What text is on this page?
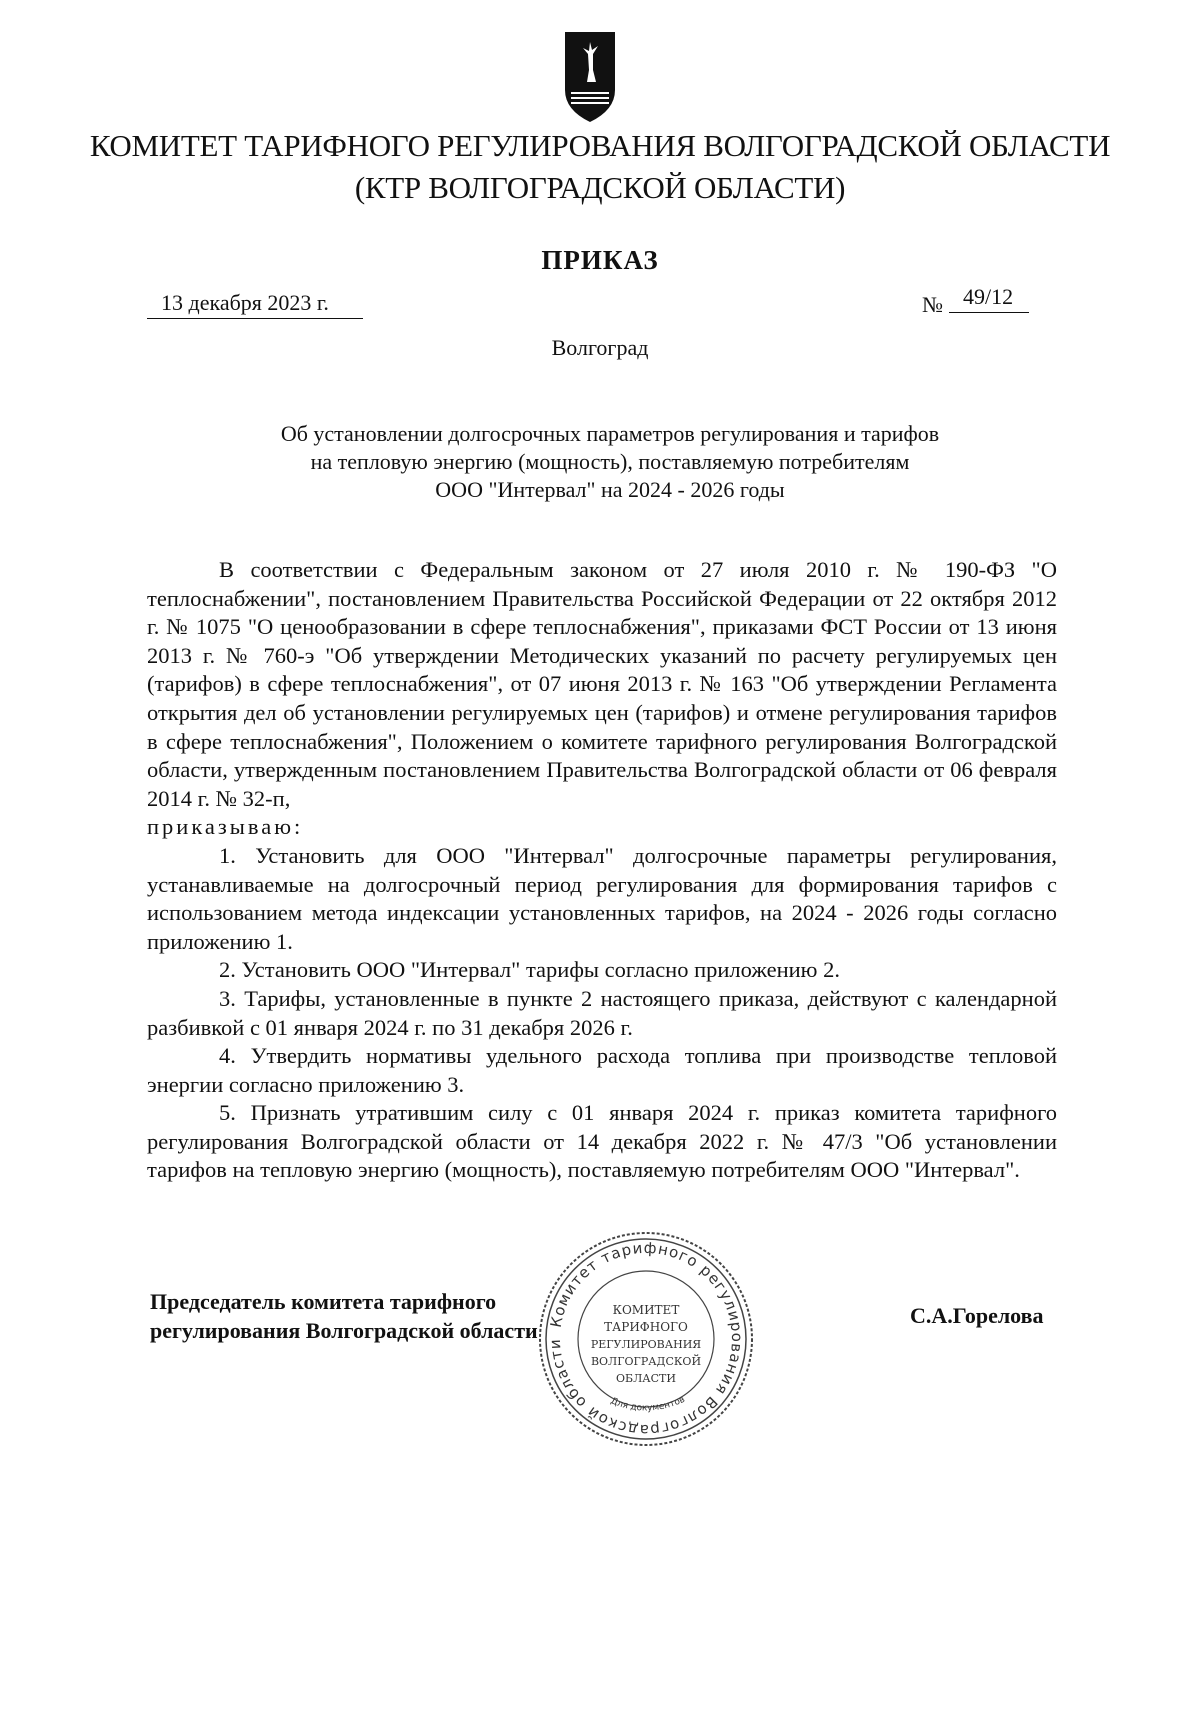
КОМИТЕТ ТАРИФНОГО РЕГУЛИРОВАНИЯ ВОЛГОГРАДСКОЙ ОБЛАСТИ
(КТР ВОЛГОГРАДСКОЙ ОБЛАСТИ)
ПРИКАЗ
13 декабря 2023 г.	№ 49/12
Волгоград
Об установлении долгосрочных параметров регулирования и тарифов
на тепловую энергию (мощность), поставляемую потребителям
ООО "Интервал" на 2024 - 2026 годы

В соответствии с Федеральным законом от 27 июля 2010 г. № 190-ФЗ "О теплоснабжении", постановлением Правительства Российской Федерации от 22 октября 2012 г. № 1075 "О ценообразовании в сфере теплоснабжения", приказами ФСТ России от 13 июня 2013 г. № 760-э "Об утверждении Методических указаний по расчету регулируемых цен (тарифов) в сфере теплоснабжения", от 07 июня 2013 г. № 163 "Об утверждении Регламента открытия дел об установлении регулируемых цен (тарифов) и отмене регулирования тарифов в сфере теплоснабжения", Положением о комитете тарифного регулирования Волгоградской области, утвержденным постановлением Правительства Волгоградской области от 06 февраля 2014 г. № 32-п,

приказываю:

1. Установить для ООО "Интервал" долгосрочные параметры регулирования, устанавливаемые на долгосрочный период регулирования для формирования тарифов с использованием метода индексации установленных тарифов, на 2024 - 2026 годы согласно приложению 1.

2. Установить ООО "Интервал" тарифы согласно приложению 2.

3. Тарифы, установленные в пункте 2 настоящего приказа, действуют с календарной разбивкой с 01 января 2024 г. по 31 декабря 2026 г.

4. Утвердить нормативы удельного расхода топлива при производстве тепловой энергии согласно приложению 3.

5. Признать утратившим силу с 01 января 2024 г. приказ комитета тарифного регулирования Волгоградской области от 14 декабря 2022 г. № 47/3 "Об установлении тарифов на тепловую энергию (мощность), поставляемую потребителям ООО "Интервал".

Председатель комитета тарифного
регулирования Волгоградской области
С.А.Горелова
Комитет тарифного регулирования Волгоградской области
Для документов
КОМИТЕТ
ТАРИФНОГО
РЕГУЛИРОВАНИЯ
ВОЛГОГРАДСКОЙ
ОБЛАСТИ
